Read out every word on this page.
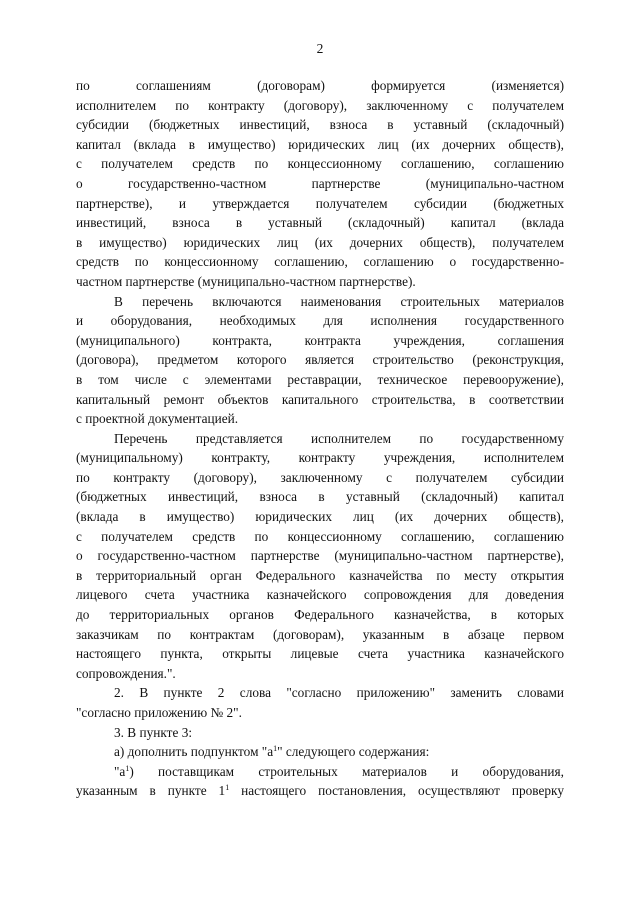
2
по соглашениям (договорам) формируется (изменяется)
исполнителем по контракту (договору), заключенному с получателем
субсидии (бюджетных инвестиций, взноса в уставный (складочный)
капитал (вклада в имущество) юридических лиц (их дочерних обществ),
с получателем средств по концессионному соглашению, соглашению
о государственно-частном партнерстве (муниципально-частном
партнерстве), и утверждается получателем субсидии (бюджетных
инвестиций, взноса в уставный (складочный) капитал (вклада
в имущество) юридических лиц (их дочерних обществ), получателем
средств по концессионному соглашению, соглашению о государственно-
частном партнерстве (муниципально-частном партнерстве).
В перечень включаются наименования строительных материалов
и оборудования, необходимых для исполнения государственного
(муниципального) контракта, контракта учреждения, соглашения
(договора), предметом которого является строительство (реконструкция,
в том числе с элементами реставрации, техническое перевооружение),
капитальный ремонт объектов капитального строительства, в соответствии
с проектной документацией.
Перечень представляется исполнителем по государственному
(муниципальному) контракту, контракту учреждения, исполнителем
по контракту (договору), заключенному с получателем субсидии
(бюджетных инвестиций, взноса в уставный (складочный) капитал
(вклада в имущество) юридических лиц (их дочерних обществ),
с получателем средств по концессионному соглашению, соглашению
о государственно-частном партнерстве (муниципально-частном партнерстве),
в территориальный орган Федерального казначейства по месту открытия
лицевого счета участника казначейского сопровождения для доведения
до территориальных органов Федерального казначейства, в которых
заказчикам по контрактам (договорам), указанным в абзаце первом
настоящего пункта, открыты лицевые счета участника казначейского
сопровождения.".
2. В пункте 2 слова "согласно приложению" заменить словами
"согласно приложению № 2".
3. В пункте 3:
а) дополнить подпунктом "$а^1$" следующего содержания:
"$а^1$) поставщикам строительных материалов и оборудования,
указанным в пункте $1^1$ настоящего постановления, осуществляют проверку
